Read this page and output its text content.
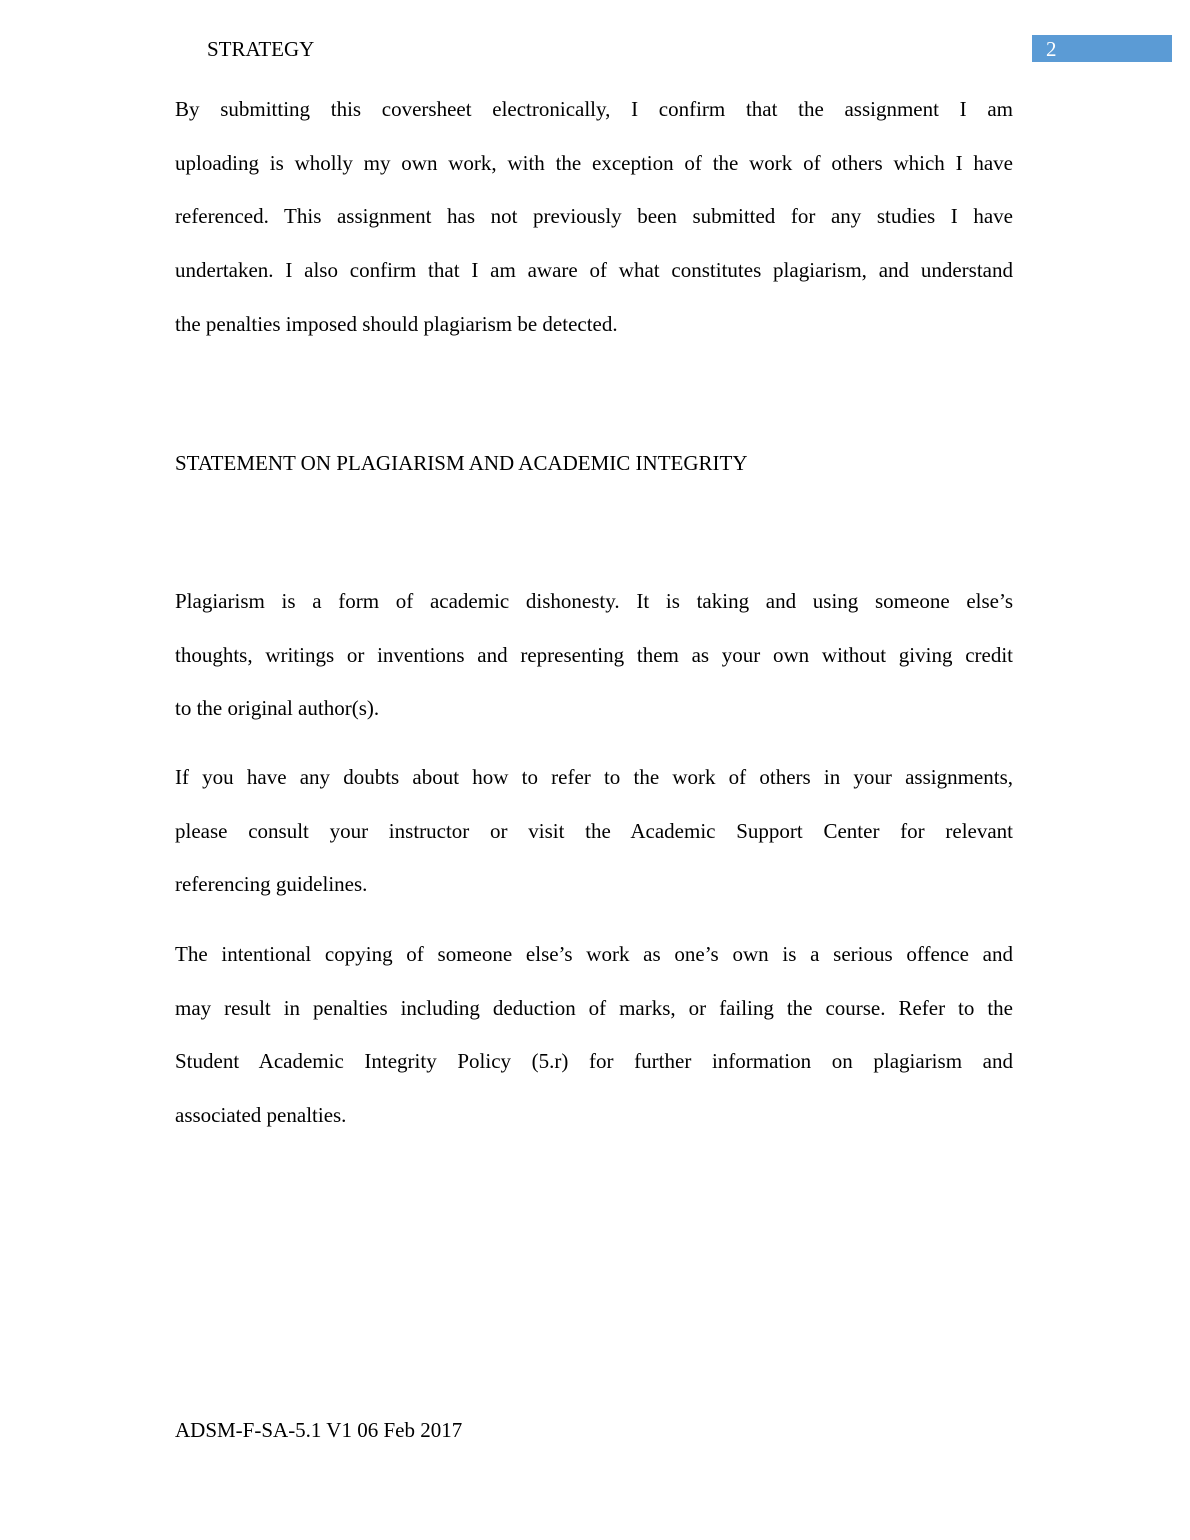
STRATEGY	2
By submitting this coversheet electronically, I confirm that the assignment I am
uploading is wholly my own work, with the exception of the work of others which I have
referenced. This assignment has not previously been submitted for any studies I have
undertaken. I also confirm that I am aware of what constitutes plagiarism, and understand
the penalties imposed should plagiarism be detected.
STATEMENT ON PLAGIARISM AND ACADEMIC INTEGRITY
Plagiarism is a form of academic dishonesty. It is taking and using someone else’s
thoughts, writings or inventions and representing them as your own without giving credit
to the original author(s).
If you have any doubts about how to refer to the work of others in your assignments,
please consult your instructor or visit the Academic Support Center for relevant
referencing guidelines.
The intentional copying of someone else’s work as one’s own is a serious offence and
may result in penalties including deduction of marks, or failing the course. Refer to the
Student Academic Integrity Policy (5.r) for further information on plagiarism and
associated penalties.
ADSM-F-SA-5.1 V1 06 Feb 2017
